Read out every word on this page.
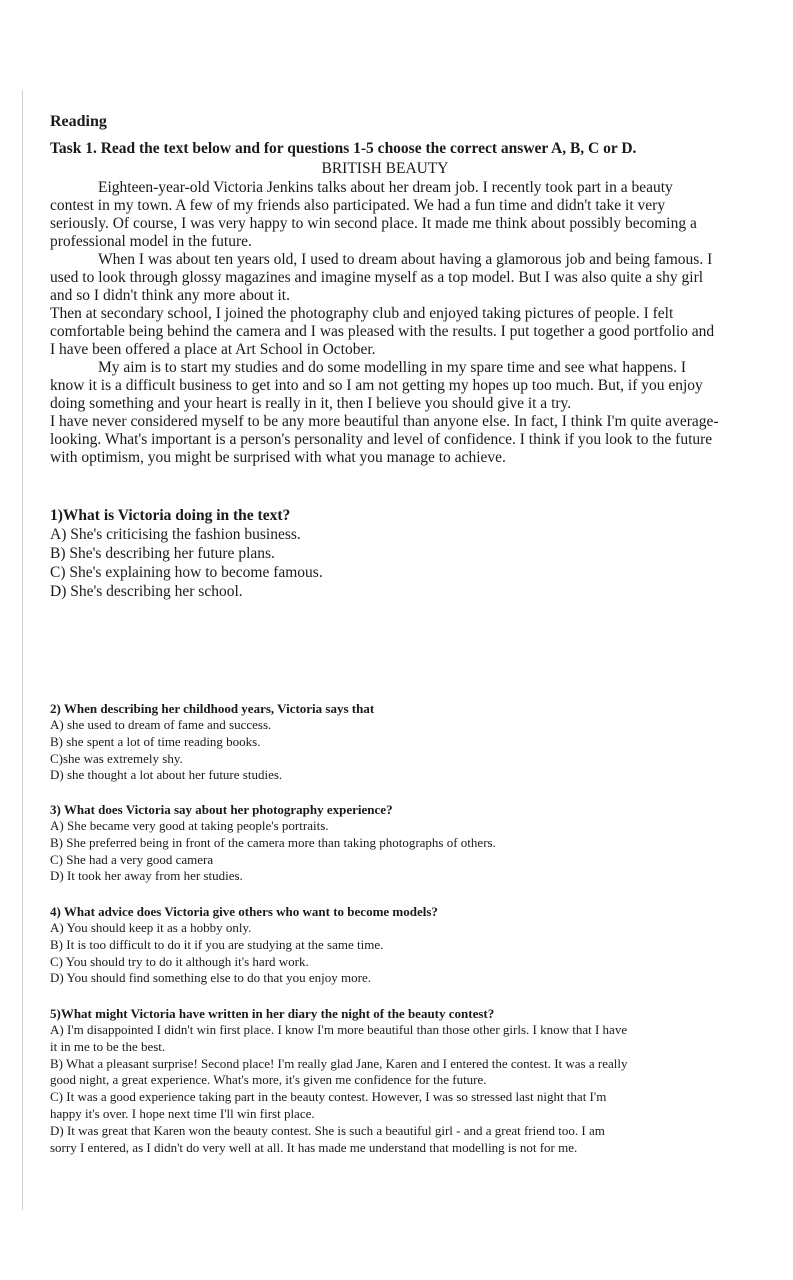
Reading
Task 1. Read the text below and for questions 1-5 choose the correct answer A, B, C or D.
BRITISH BEAUTY

Eighteen-year-old Victoria Jenkins talks about her dream job. I recently took part in a beauty contest in my town. A few of my friends also participated. We had a fun time and didn't take it very seriously. Of course, I was very happy to win second place. It made me think about possibly becoming a professional model in the future.

When I was about ten years old, I used to dream about having a glamorous job and being famous. I used to look through glossy magazines and imagine myself as a top model. But I was also quite a shy girl and so I didn't think any more about it.

Then at secondary school, I joined the photography club and enjoyed taking pictures of people. I felt comfortable being behind the camera and I was pleased with the results. I put together a good portfolio and I have been offered a place at Art School in October.

My aim is to start my studies and do some modelling in my spare time and see what happens. I know it is a difficult business to get into and so I am not getting my hopes up too much. But, if you enjoy doing something and your heart is really in it, then I believe you should give it a try.

I have never considered myself to be any more beautiful than anyone else. In fact, I think I'm quite average-looking. What's important is a person's personality and level of confidence. I think if you look to the future with optimism, you might be surprised with what you manage to achieve.

1)What is Victoria doing in the text?
A) She's criticising the fashion business.
B) She's describing her future plans.
C) She's explaining how to become famous.
D) She's describing her school.
2) When describing her childhood years, Victoria says that
A) she used to dream of fame and success.
B) she spent a lot of time reading books.
C)she was extremely shy.
D) she thought a lot about her future studies.
3) What does Victoria say about her photography experience?
A) She became very good at taking people's portraits.
B) She preferred being in front of the camera more than taking photographs of others.
C) She had a very good camera
D) It took her away from her studies.
4) What advice does Victoria give others who want to become models?
A) You should keep it as a hobby only.
B) It is too difficult to do it if you are studying at the same time.
C) You should try to do it although it's hard work.
D) You should find something else to do that you enjoy more.
5)What might Victoria have written in her diary the night of the beauty contest?
A) I'm disappointed I didn't win first place. I know I'm more beautiful than those other girls. I know that I have it in me to be the best.
B) What a pleasant surprise! Second place! I'm really glad Jane, Karen and I entered the contest. It was a really good night, a great experience. What's more, it's given me confidence for the future.
C) It was a good experience taking part in the beauty contest. However, I was so stressed last night that I'm happy it's over. I hope next time I'll win first place.
D) It was great that Karen won the beauty contest. She is such a beautiful girl - and a great friend too. I am sorry I entered, as I didn't do very well at all. It has made me understand that modelling is not for me.
